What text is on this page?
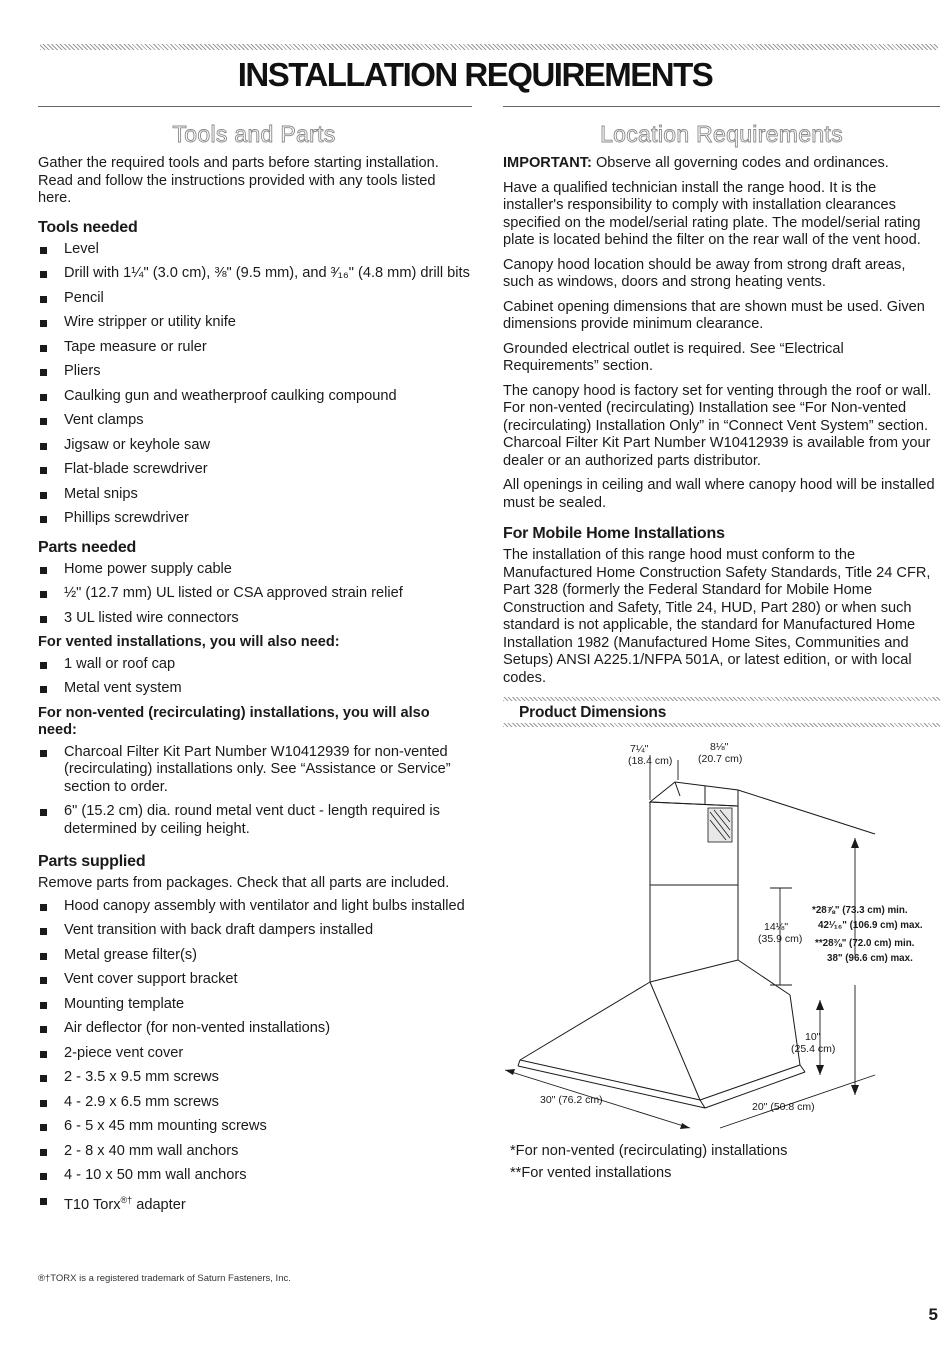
INSTALLATION REQUIREMENTS
Tools and Parts

Gather the required tools and parts before starting installation. Read and follow the instructions provided with any tools listed here.

Tools needed
Level
Drill with 1¼" (3.0 cm), ⅜" (9.5 mm), and ³⁄₁₆" (4.8 mm) drill bits
Pencil
Wire stripper or utility knife
Tape measure or ruler
Pliers
Caulking gun and weatherproof caulking compound
Vent clamps
Jigsaw or keyhole saw
Flat-blade screwdriver
Metal snips
Phillips screwdriver
Parts needed
Home power supply cable
½" (12.7 mm) UL listed or CSA approved strain relief
3 UL listed wire connectors
For vented installations, you will also need:
1 wall or roof cap
Metal vent system
For non-vented (recirculating) installations, you will also need:
Charcoal Filter Kit Part Number W10412939 for non-vented (recirculating) installations only. See “Assistance or Service” section to order.
6" (15.2 cm) dia. round metal vent duct - length required is determined by ceiling height.
Parts supplied

Remove parts from packages. Check that all parts are included.

Hood canopy assembly with ventilator and light bulbs installed
Vent transition with back draft dampers installed
Metal grease filter(s)
Vent cover support bracket
Mounting template
Air deflector (for non-vented installations)
2-piece vent cover
2 - 3.5 x 9.5 mm screws
4 - 2.9 x 6.5 mm screws
6 - 5 x 45 mm mounting screws
2 - 8 x 40 mm wall anchors
4 - 10 x 50 mm wall anchors
T10 Torx®† adapter
Location Requirements

IMPORTANT: Observe all governing codes and ordinances.

Have a qualified technician install the range hood. It is the installer's responsibility to comply with installation clearances specified on the model/serial rating plate. The model/serial rating plate is located behind the filter on the rear wall of the vent hood.

Canopy hood location should be away from strong draft areas, such as windows, doors and strong heating vents.

Cabinet opening dimensions that are shown must be used. Given dimensions provide minimum clearance.

Grounded electrical outlet is required. See “Electrical Requirements” section.

The canopy hood is factory set for venting through the roof or wall. For non-vented (recirculating) Installation see “For Non-vented (recirculating) Installation Only” in “Connect Vent System” section. Charcoal Filter Kit Part Number W10412939 is available from your dealer or an authorized parts distributor.

All openings in ceiling and wall where canopy hood will be installed must be sealed.

For Mobile Home Installations

The installation of this range hood must conform to the Manufactured Home Construction Safety Standards, Title 24 CFR, Part 328 (formerly the Federal Standard for Mobile Home Construction and Safety, Title 24, HUD, Part 280) or when such standard is not applicable, the standard for Manufactured Home Installation 1982 (Manufactured Home Sites, Communities and Setups) ANSI A225.1/NFPA 501A, or latest edition, or with local codes.

Product Dimensions
7¼"
(18.4 cm)
8⅛"
(20.7 cm)
14⅛"
(35.9 cm)
*28⅞" (73.3 cm) min.
42¹⁄₁₆" (106.9 cm) max.
**28⅜" (72.0 cm) min.
38" (96.6 cm) max.
10"
(25.4 cm)
30" (76.2 cm)
20" (50.8 cm)
*For non-vented (recirculating) installations
**For vented installations
®†TORX is a registered trademark of Saturn Fasteners, Inc.
5
